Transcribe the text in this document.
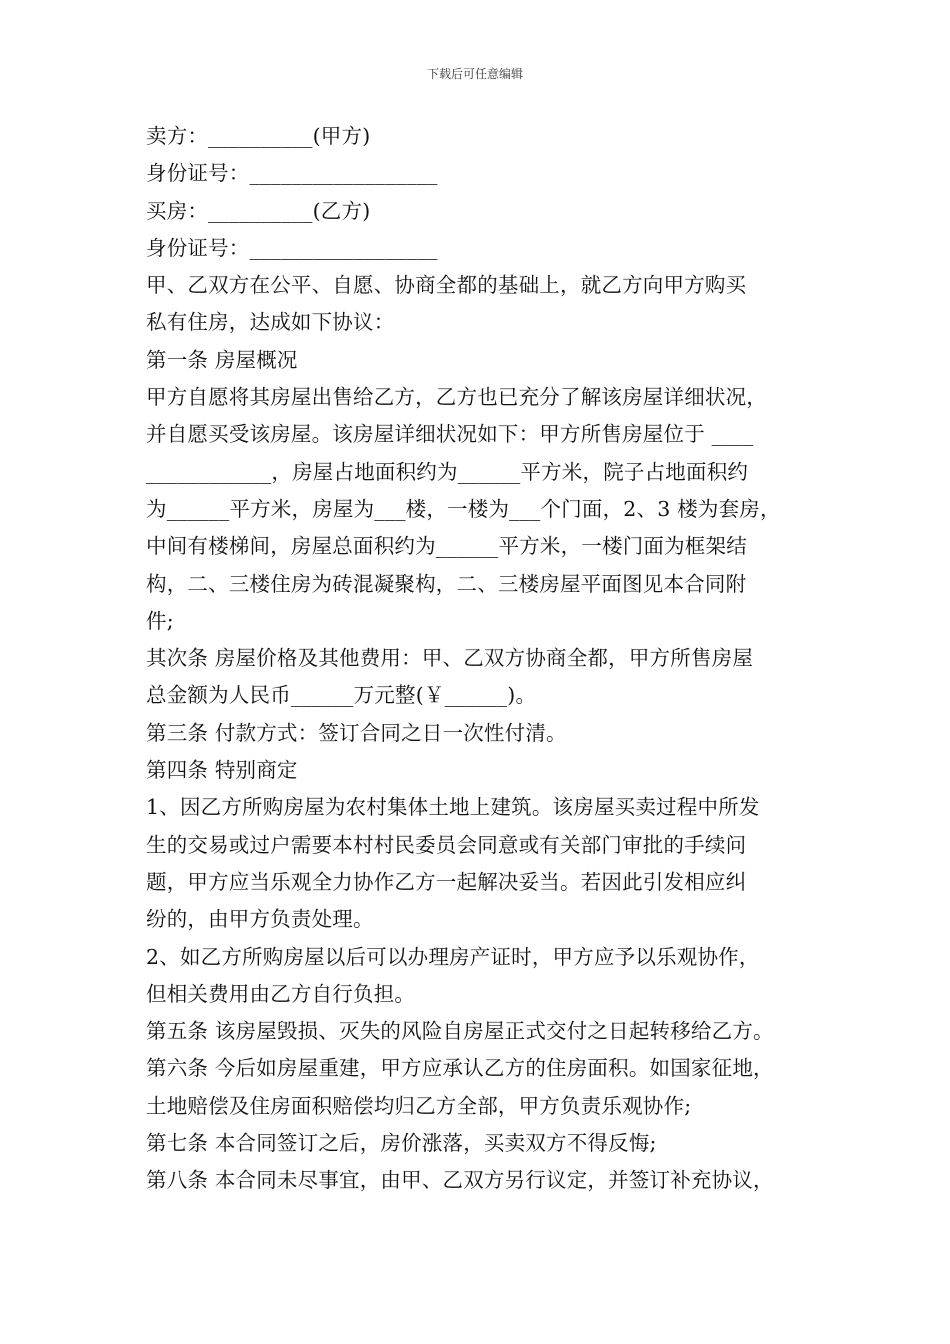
下载后可任意编辑
卖方：__________(甲方)
身份证号：__________________
买房：__________(乙方)
身份证号：__________________
甲、乙双方在公平、自愿、协商全都的基础上，就乙方向甲方购买
私有住房，达成如下协议：
第一条 房屋概况
甲方自愿将其房屋出售给乙方，乙方也已充分了解该房屋详细状况，
并自愿买受该房屋。该房屋详细状况如下：甲方所售房屋位于 ____
____________，房屋占地面积约为______平方米，院子占地面积约
为______平方米，房屋为___楼，一楼为___个门面，2、3 楼为套房，
中间有楼梯间，房屋总面积约为______平方米，一楼门面为框架结
构，二、三楼住房为砖混凝聚构，二、三楼房屋平面图见本合同附
件;
其次条 房屋价格及其他费用：甲、乙双方协商全都，甲方所售房屋
总金额为人民币______万元整(￥______)。
第三条 付款方式：签订合同之日一次性付清。
第四条 特别商定
1、因乙方所购房屋为农村集体土地上建筑。该房屋买卖过程中所发
生的交易或过户需要本村村民委员会同意或有关部门审批的手续问
题，甲方应当乐观全力协作乙方一起解决妥当。若因此引发相应纠
纷的，由甲方负责处理。
2、如乙方所购房屋以后可以办理房产证时，甲方应予以乐观协作，
但相关费用由乙方自行负担。
第五条 该房屋毁损、灭失的风险自房屋正式交付之日起转移给乙方。
第六条 今后如房屋重建，甲方应承认乙方的住房面积。如国家征地，
土地赔偿及住房面积赔偿均归乙方全部，甲方负责乐观协作;
第七条 本合同签订之后，房价涨落，买卖双方不得反悔;
第八条 本合同未尽事宜，由甲、乙双方另行议定，并签订补充协议，
